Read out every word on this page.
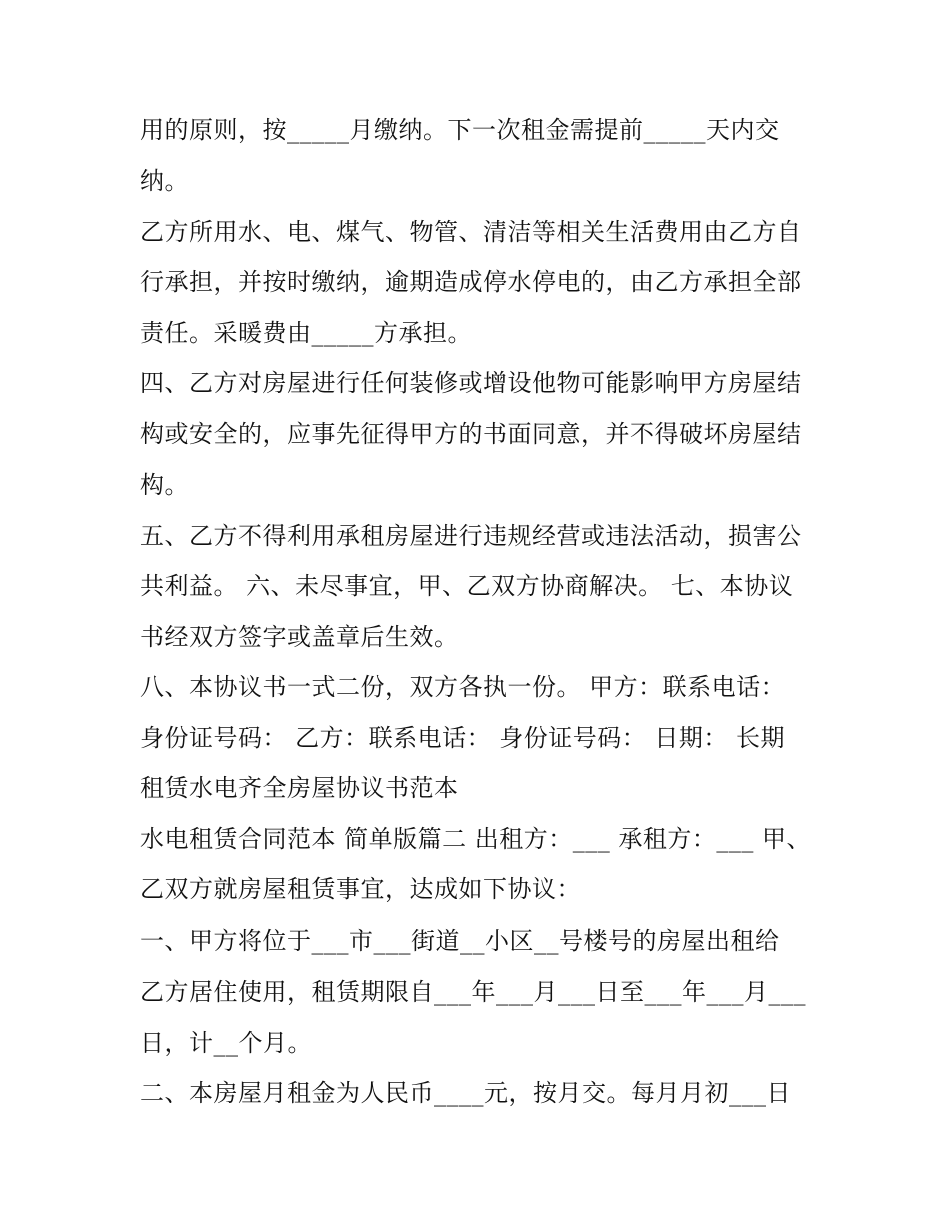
用的原则，按_____月缴纳。下一次租金需提前_____天内交
纳。
乙方所用水、电、煤气、物管、清洁等相关生活费用由乙方自
行承担，并按时缴纳，逾期造成停水停电的，由乙方承担全部
责任。采暖费由_____方承担。
四、乙方对房屋进行任何装修或增设他物可能影响甲方房屋结
构或安全的，应事先征得甲方的书面同意，并不得破坏房屋结
构。
五、乙方不得利用承租房屋进行违规经营或违法活动，损害公
共利益。 六、未尽事宜，甲、乙双方协商解决。 七、本协议
书经双方签字或盖章后生效。
八、本协议书一式二份，双方各执一份。 甲方：联系电话：
身份证号码： 乙方：联系电话： 身份证号码： 日期： 长期
租赁水电齐全房屋协议书范本
水电租赁合同范本 简单版篇二 出租方：___ 承租方：___ 甲、
乙双方就房屋租赁事宜，达成如下协议：
一、甲方将位于___市___街道__小区__号楼号的房屋出租给
乙方居住使用，租赁期限自___年___月___日至___年___月___
日，计__个月。
二、本房屋月租金为人民币____元，按月交。每月月初___日
